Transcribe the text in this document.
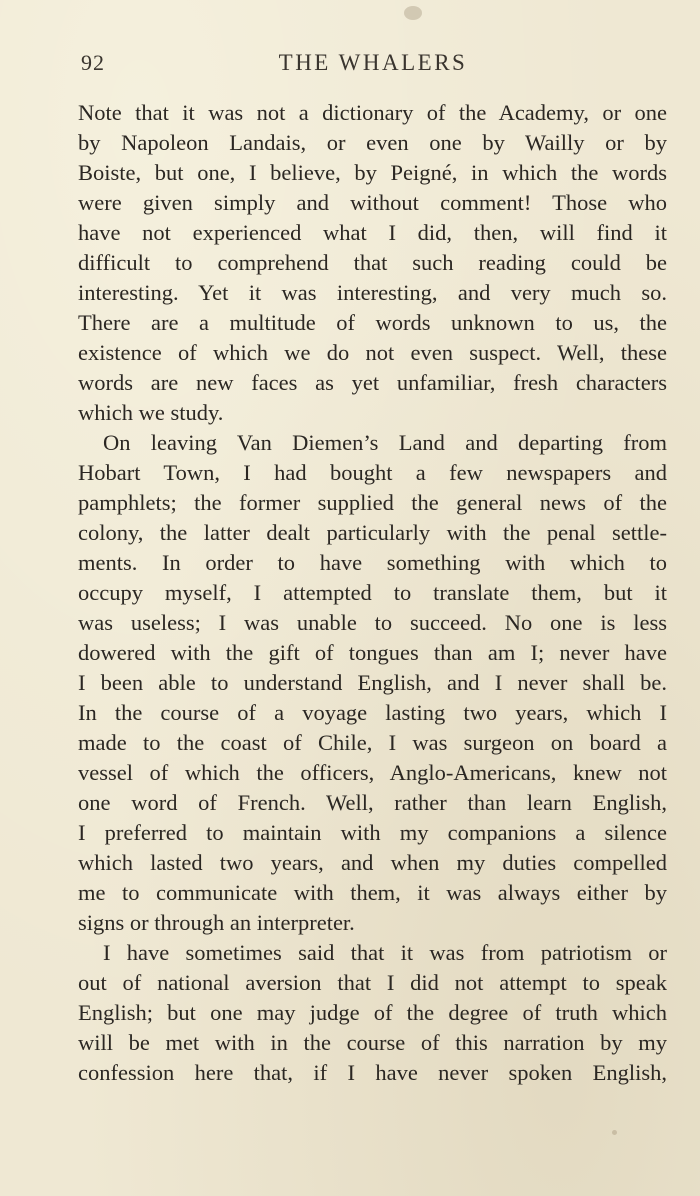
92	THE WHALERS
Note that it was not a dictionary of the Academy, or one
by Napoleon Landais, or even one by Wailly or by
Boiste, but one, I believe, by Peigné, in which the words
were given simply and without comment! Those who
have not experienced what I did, then, will find it
difficult to comprehend that such reading could be
interesting. Yet it was interesting, and very much so.
There are a multitude of words unknown to us, the
existence of which we do not even suspect. Well, these
words are new faces as yet unfamiliar, fresh characters
which we study.
On leaving Van Diemen’s Land and departing from
Hobart Town, I had bought a few newspapers and
pamphlets; the former supplied the general news of the
colony, the latter dealt particularly with the penal settle-
ments. In order to have something with which to
occupy myself, I attempted to translate them, but it
was useless; I was unable to succeed. No one is less
dowered with the gift of tongues than am I; never have
I been able to understand English, and I never shall be.
In the course of a voyage lasting two years, which I
made to the coast of Chile, I was surgeon on board a
vessel of which the officers, Anglo-Americans, knew not
one word of French. Well, rather than learn English,
I preferred to maintain with my companions a silence
which lasted two years, and when my duties compelled
me to communicate with them, it was always either by
signs or through an interpreter.
I have sometimes said that it was from patriotism or
out of national aversion that I did not attempt to speak
English; but one may judge of the degree of truth which
will be met with in the course of this narration by my
confession here that, if I have never spoken English,
